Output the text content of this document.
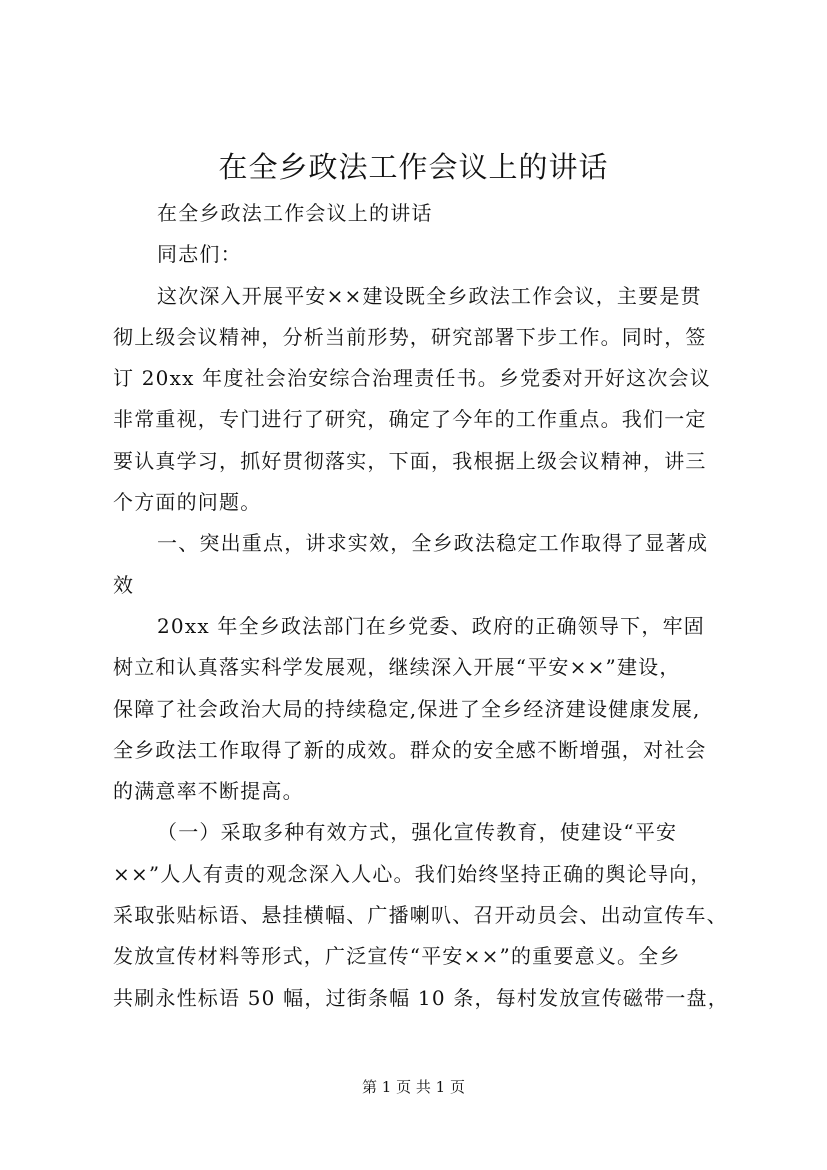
在全乡政法工作会议上的讲话
在全乡政法工作会议上的讲话
同志们：
这次深入开展平安××建设既全乡政法工作会议，主要是贯
彻上级会议精神，分析当前形势，研究部署下步工作。同时，签
订 20xx 年度社会治安综合治理责任书。乡党委对开好这次会议
非常重视，专门进行了研究，确定了今年的工作重点。我们一定
要认真学习，抓好贯彻落实，下面，我根据上级会议精神，讲三
个方面的问题。
一、突出重点，讲求实效，全乡政法稳定工作取得了显著成
效
20xx 年全乡政法部门在乡党委、政府的正确领导下，牢固
树立和认真落实科学发展观，继续深入开展“平安××”建设，
保障了社会政治大局的持续稳定,保进了全乡经济建设健康发展,
全乡政法工作取得了新的成效。群众的安全感不断增强，对社会
的满意率不断提高。
（一）采取多种有效方式，强化宣传教育，使建设“平安
××”人人有责的观念深入人心。我们始终坚持正确的舆论导向，
采取张贴标语、悬挂横幅、广播喇叭、召开动员会、出动宣传车、
发放宣传材料等形式，广泛宣传“平安××”的重要意义。全乡
共刷永性标语 50 幅，过街条幅 10 条，每村发放宣传磁带一盘，
第 1 页 共 1 页
